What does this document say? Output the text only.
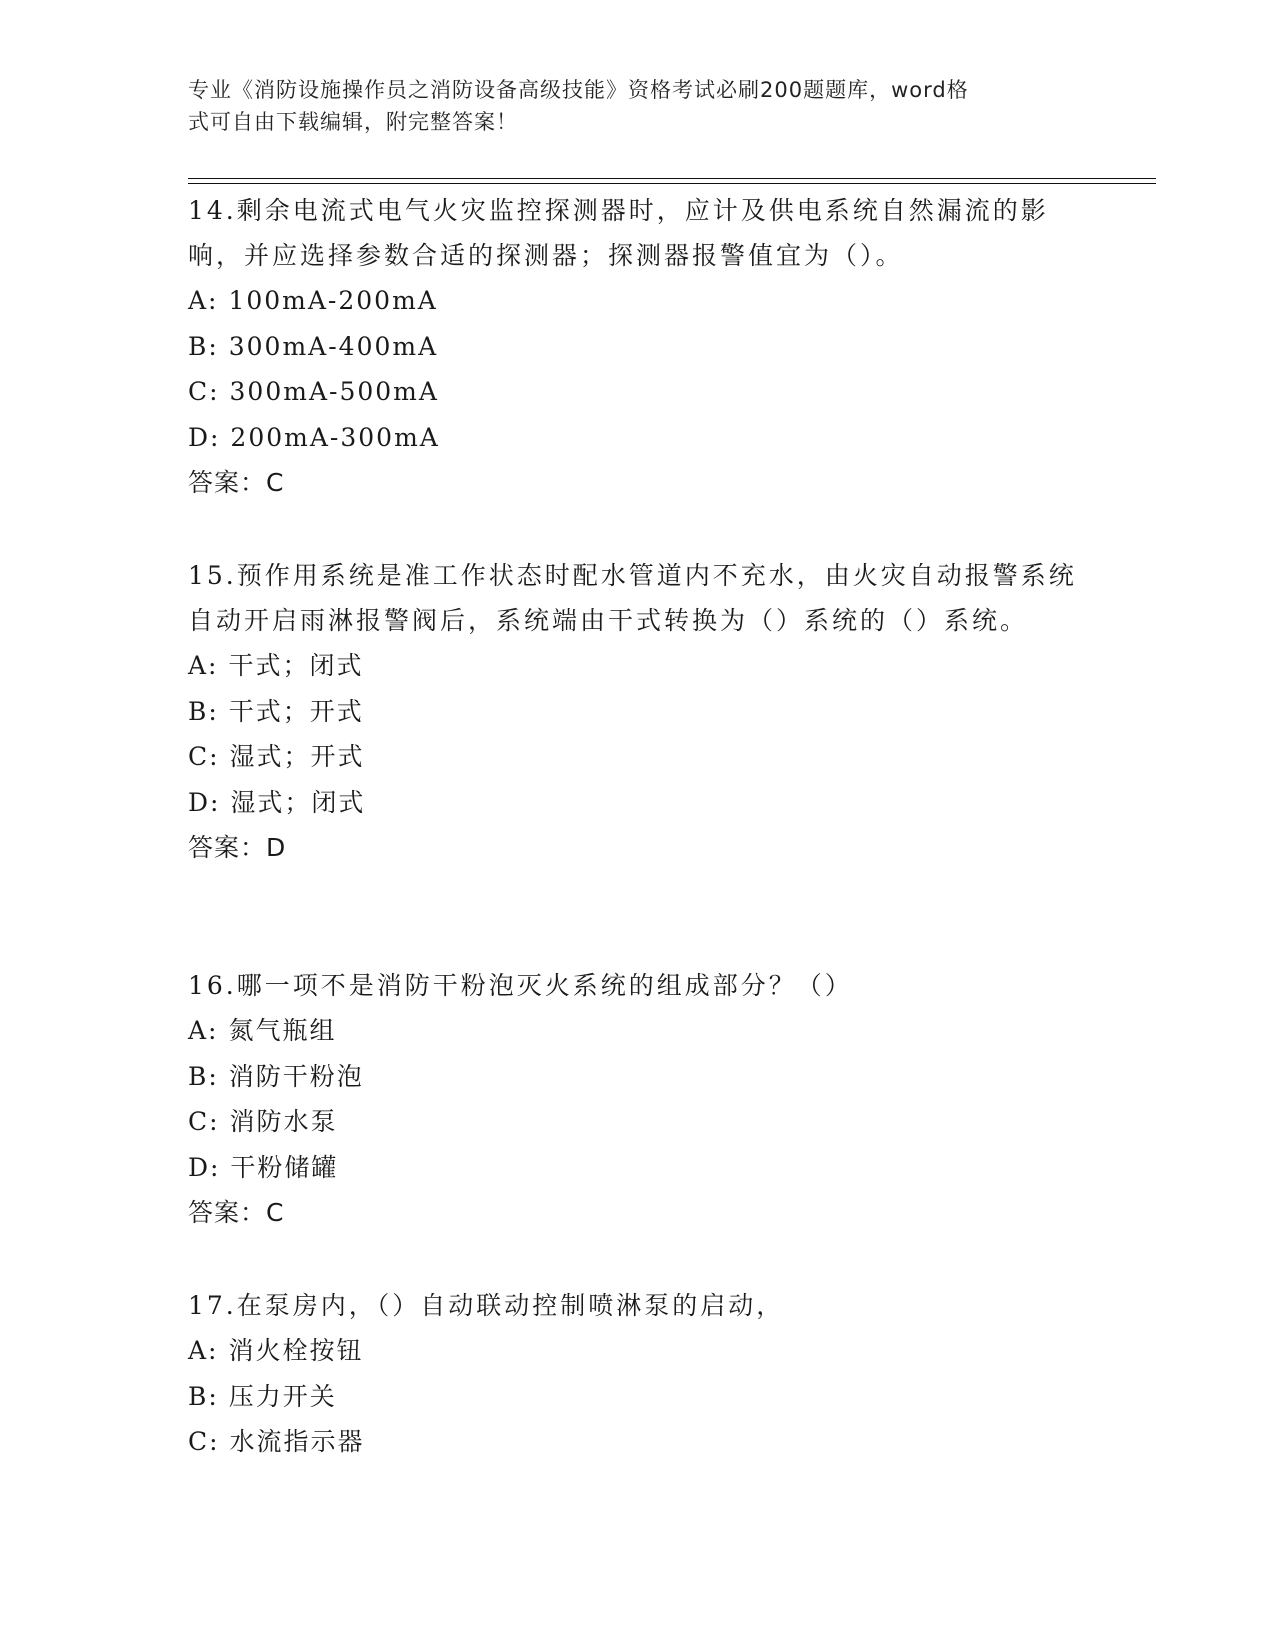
专业《消防设施操作员之消防设备高级技能》资格考试必刷200题题库，word格
式可自由下载编辑，附完整答案！

14.剩余电流式电气火灾监控探测器时，应计及供电系统自然漏流的影响，并应选择参数合适的探测器；探测器报警值宜为（）。

A: 100mA-200mA

B: 300mA-400mA

C: 300mA-500mA

D: 200mA-300mA

答案：C

15.预作用系统是准工作状态时配水管道内不充水，由火灾自动报警系统自动开启雨淋报警阀后，系统端由干式转换为（）系统的（）系统。

A: 干式；闭式

B: 干式；开式

C: 湿式；开式

D: 湿式；闭式

答案：D

16.哪一项不是消防干粉泡灭火系统的组成部分？（）

A: 氮气瓶组

B: 消防干粉泡

C: 消防水泵

D: 干粉储罐

答案：C

17.在泵房内，（）自动联动控制喷淋泵的启动，

A: 消火栓按钮

B: 压力开关

C: 水流指示器
